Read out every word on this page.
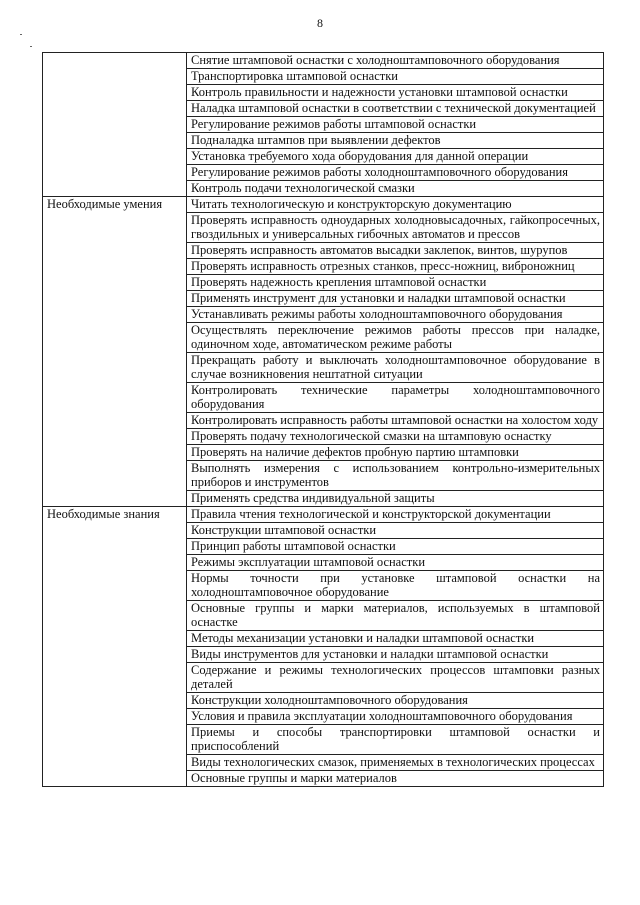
8
	Снятие штамповой оснастки с холодноштамповочного оборудования
	Транспортировка штамповой оснастки
	Контроль правильности и надежности установки штамповой оснастки
	Наладка штамповой оснастки в соответствии с технической документацией
	Регулирование режимов работы штамповой оснастки
	Подналадка штампов при выявлении дефектов
	Установка требуемого хода оборудования для данной операции
	Регулирование режимов работы холодноштамповочного оборудования
	Контроль подачи технологической смазки
Необходимые умения	Читать технологическую и конструкторскую документацию
	Проверять исправность одноударных холодновысадочных, гайкопросечных, гвоздильных и универсальных гибочных автоматов и прессов
	Проверять исправность автоматов высадки заклепок, винтов, шурупов
	Проверять исправность отрезных станков, пресс-ножниц, виброножниц
	Проверять надежность крепления штамповой оснастки
	Применять инструмент для установки и наладки штамповой оснастки
	Устанавливать режимы работы холодноштамповочного оборудования
	Осуществлять переключение режимов работы прессов при наладке, одиночном ходе, автоматическом режиме работы
	Прекращать работу и выключать холодноштамповочное оборудование в случае возникновения нештатной ситуации
	Контролировать технические параметры холодноштамповочного оборудования
	Контролировать исправность работы штамповой оснастки на холостом ходу
	Проверять подачу технологической смазки на штамповую оснастку
	Проверять на наличие дефектов пробную партию штамповки
	Выполнять измерения с использованием контрольно-измерительных приборов и инструментов
	Применять средства индивидуальной защиты
Необходимые знания	Правила чтения технологической и конструкторской документации
	Конструкции штамповой оснастки
	Принцип работы штамповой оснастки
	Режимы эксплуатации штамповой оснастки
	Нормы точности при установке штамповой оснастки на холодноштамповочное оборудование
	Основные группы и марки материалов, используемых в штамповой оснастке
	Методы механизации установки и наладки штамповой оснастки
	Виды инструментов для установки и наладки штамповой оснастки
	Содержание и режимы технологических процессов штамповки разных деталей
	Конструкции холодноштамповочного оборудования
	Условия и правила эксплуатации холодноштамповочного оборудования
	Приемы и способы транспортировки штамповой оснастки и приспособлений
	Виды технологических смазок, применяемых в технологических процессах
	Основные группы и марки материалов
